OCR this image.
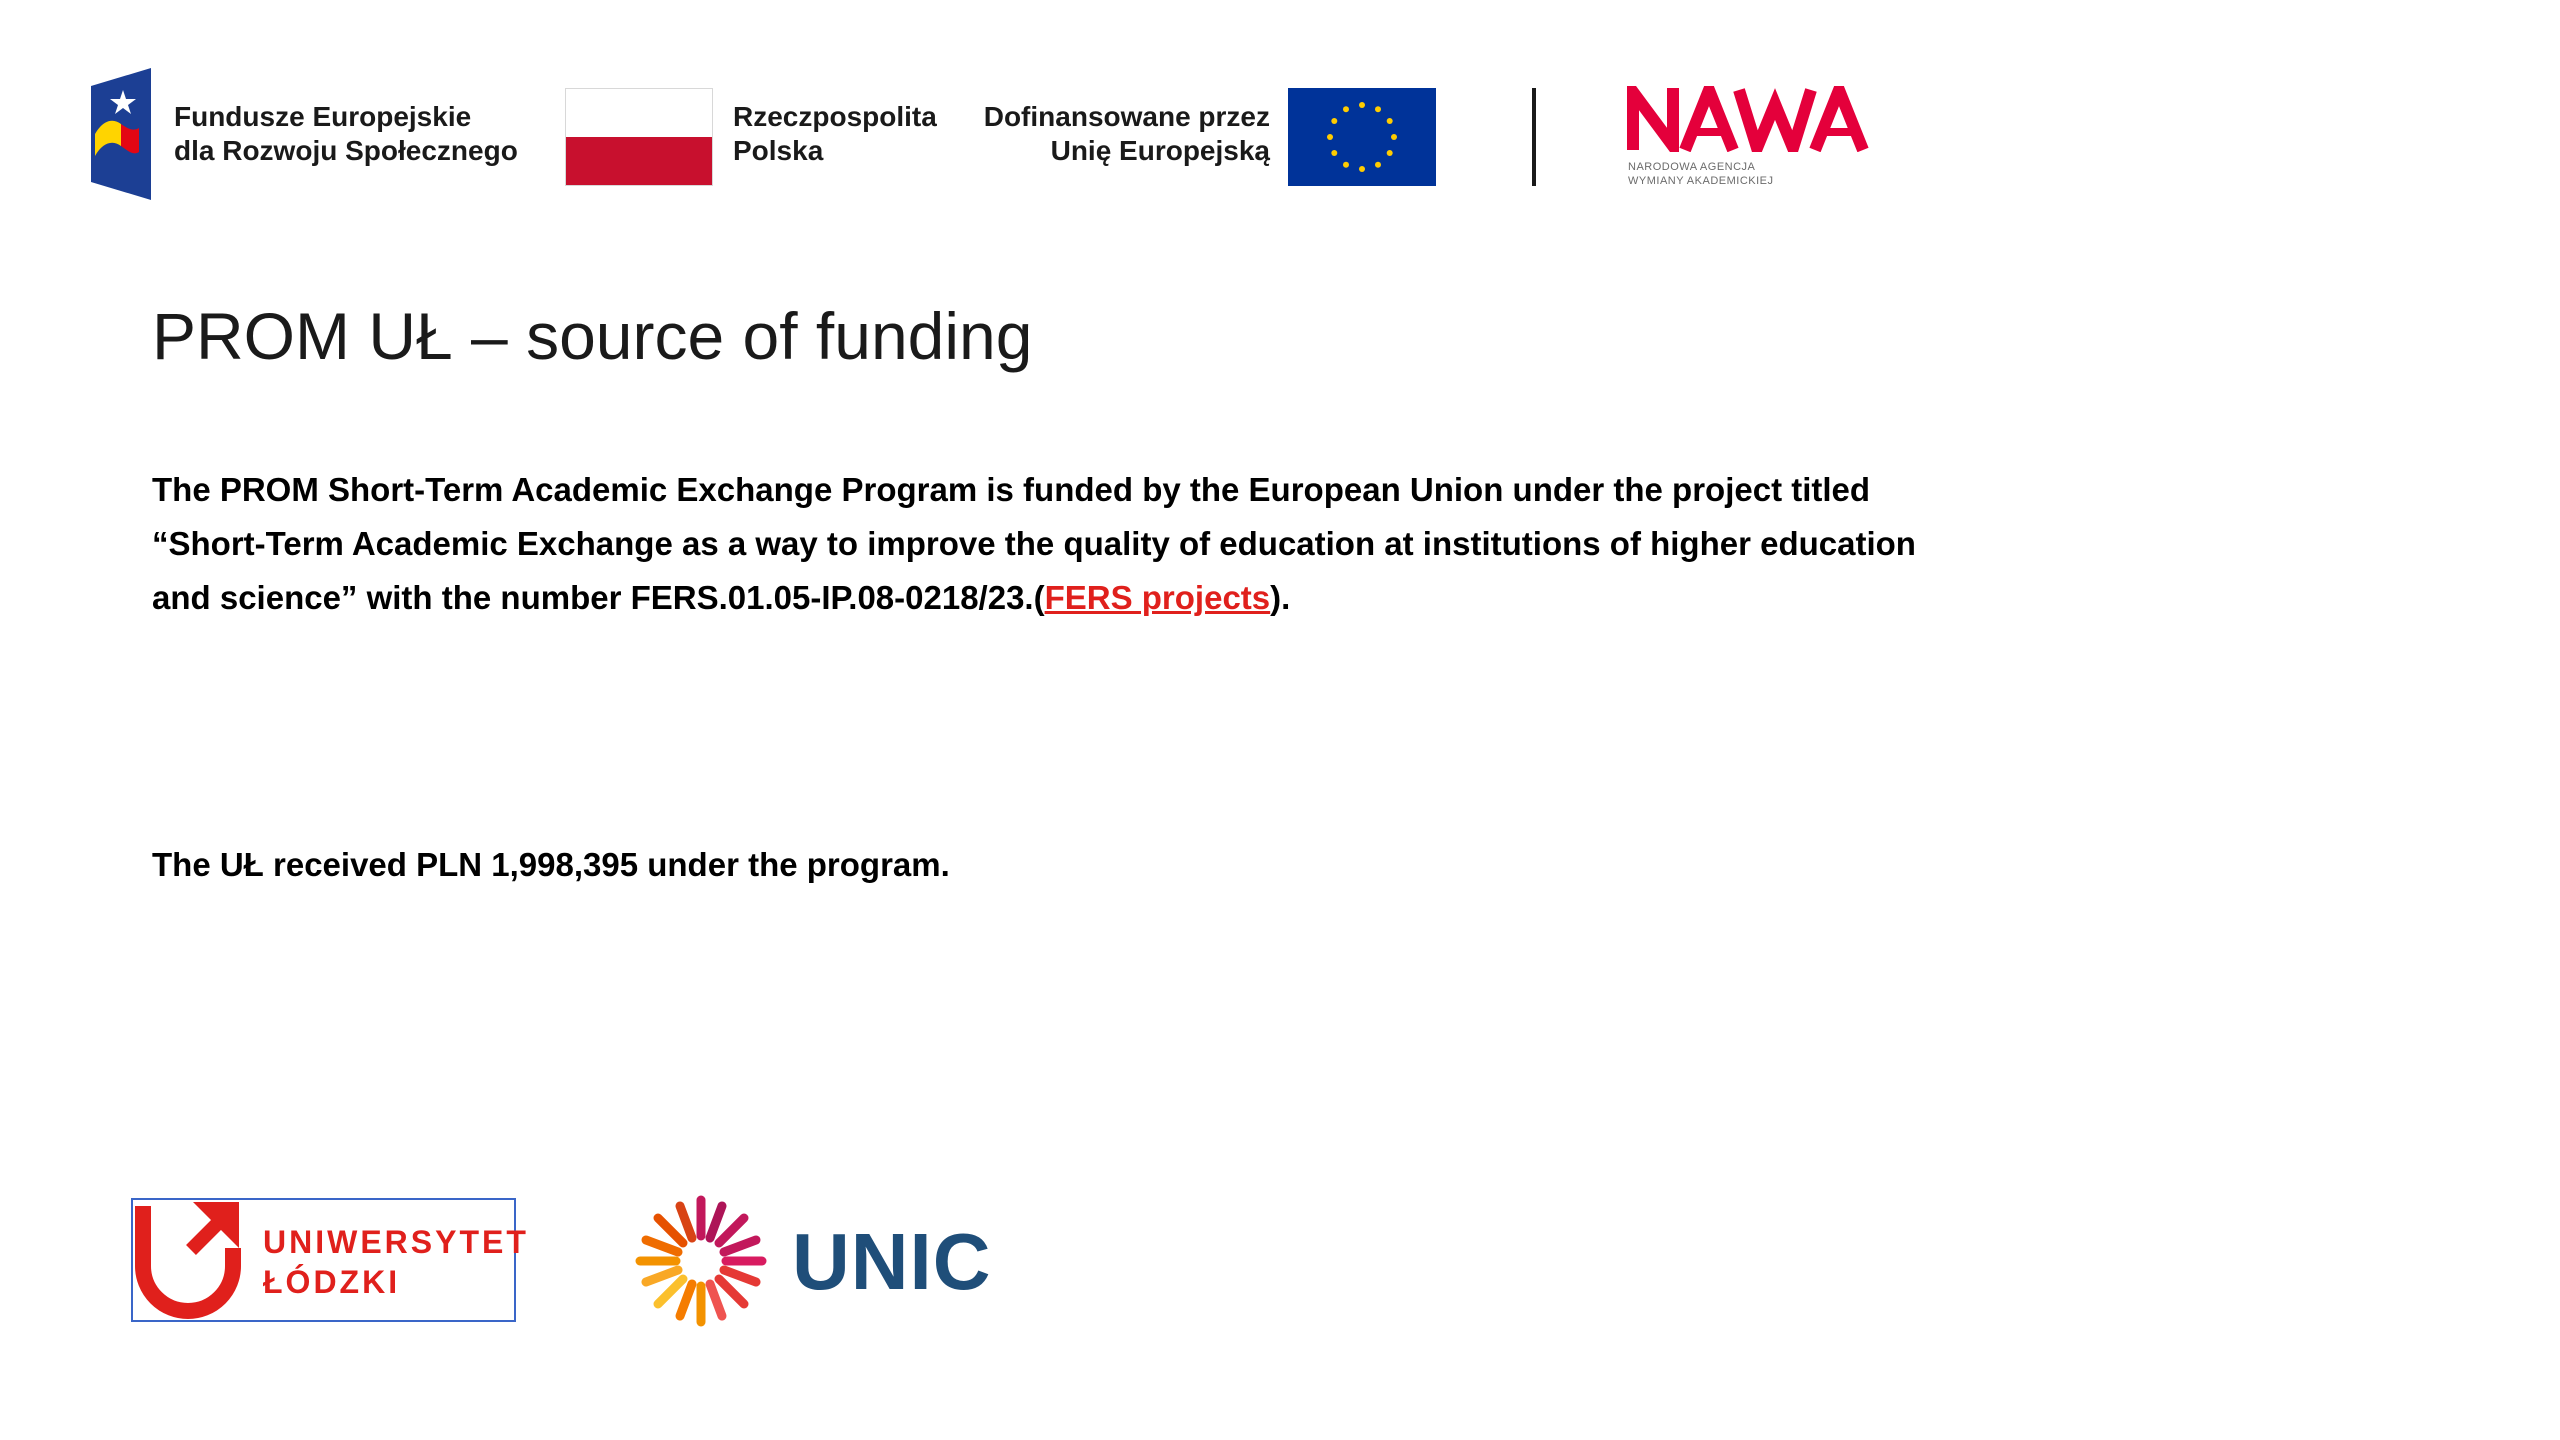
Fundusze Europejskie
dla Rozwoju Społecznego
Rzeczpospolita
Polska
Dofinansowane przez
Unię Europejską
NARODOWA AGENCJA
WYMIANY AKADEMICKIEJ
PROM UŁ – source of funding

The PROM Short-Term Academic Exchange Program is funded by the European Union under the project titled “Short-Term Academic Exchange as a way to improve the quality of education at institutions of higher education and science” with the number FERS.01.05-IP.08-0218/23.(FERS projects).

The UŁ received PLN 1,998,395 under the program.

UNIWERSYTET
ŁÓDZKI	UNIC
